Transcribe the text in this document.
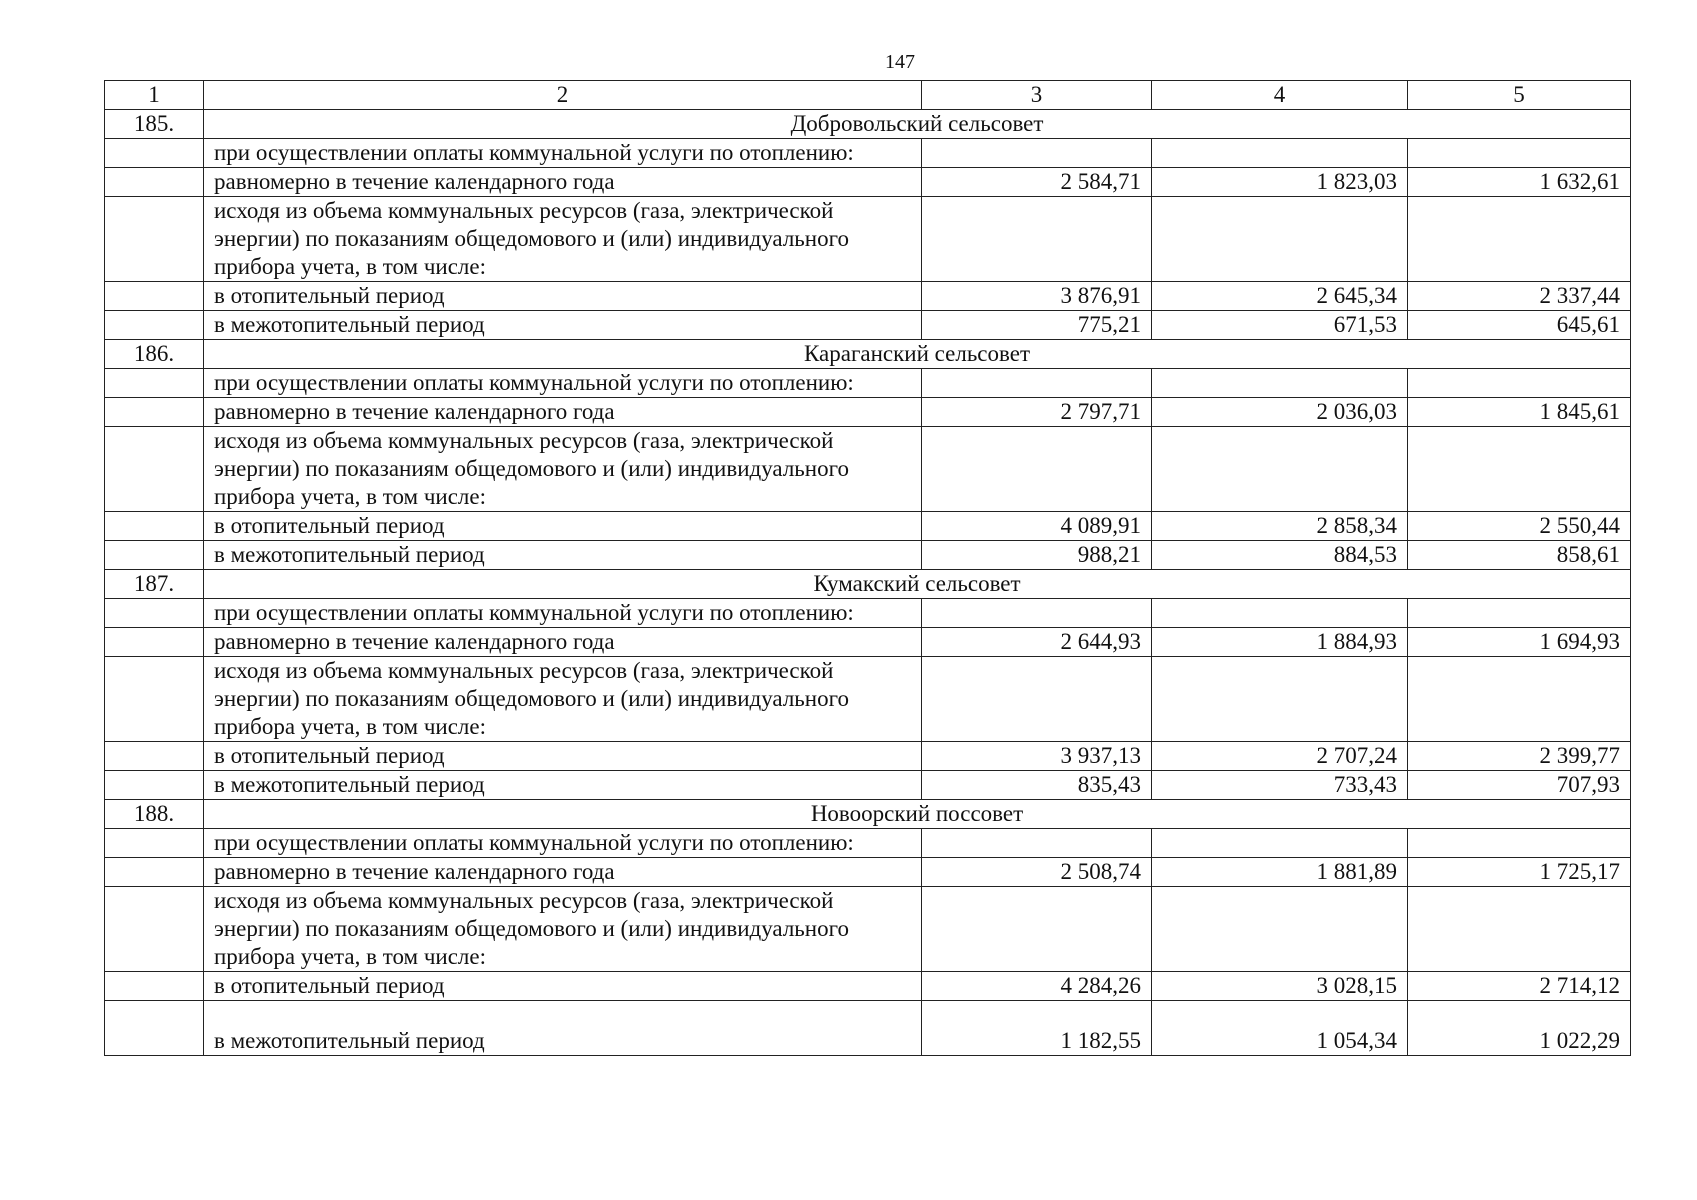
147
1	2	3	4	5
185.	Добровольский сельсовет			
	при осуществлении оплаты коммунальной услуги по отоплению:			
	равномерно в течение календарного года	2 584,71	1 823,03	1 632,61
	исходя из объема коммунальных ресурсов (газа, электрической энергии) по показаниям общедомового и (или) индивидуального прибора учета, в том числе:			
	в отопительный период	3 876,91	2 645,34	2 337,44
	в межотопительный период	775,21	671,53	645,61
186.	Караганский сельсовет			
	при осуществлении оплаты коммунальной услуги по отоплению:			
	равномерно в течение календарного года	2 797,71	2 036,03	1 845,61
	исходя из объема коммунальных ресурсов (газа, электрической энергии) по показаниям общедомового и (или) индивидуального прибора учета, в том числе:			
	в отопительный период	4 089,91	2 858,34	2 550,44
	в межотопительный период	988,21	884,53	858,61
187.	Кумакский сельсовет			
	при осуществлении оплаты коммунальной услуги по отоплению:			
	равномерно в течение календарного года	2 644,93	1 884,93	1 694,93
	исходя из объема коммунальных ресурсов (газа, электрической энергии) по показаниям общедомового и (или) индивидуального прибора учета, в том числе:			
	в отопительный период	3 937,13	2 707,24	2 399,77
	в межотопительный период	835,43	733,43	707,93
188.	Новоорский поссовет			
	при осуществлении оплаты коммунальной услуги по отоплению:			
	равномерно в течение календарного года	2 508,74	1 881,89	1 725,17
	исходя из объема коммунальных ресурсов (газа, электрической энергии) по показаниям общедомового и (или) индивидуального прибора учета, в том числе:			
	в отопительный период	4 284,26	3 028,15	2 714,12
	в межотопительный период	1 182,55	1 054,34	1 022,29
